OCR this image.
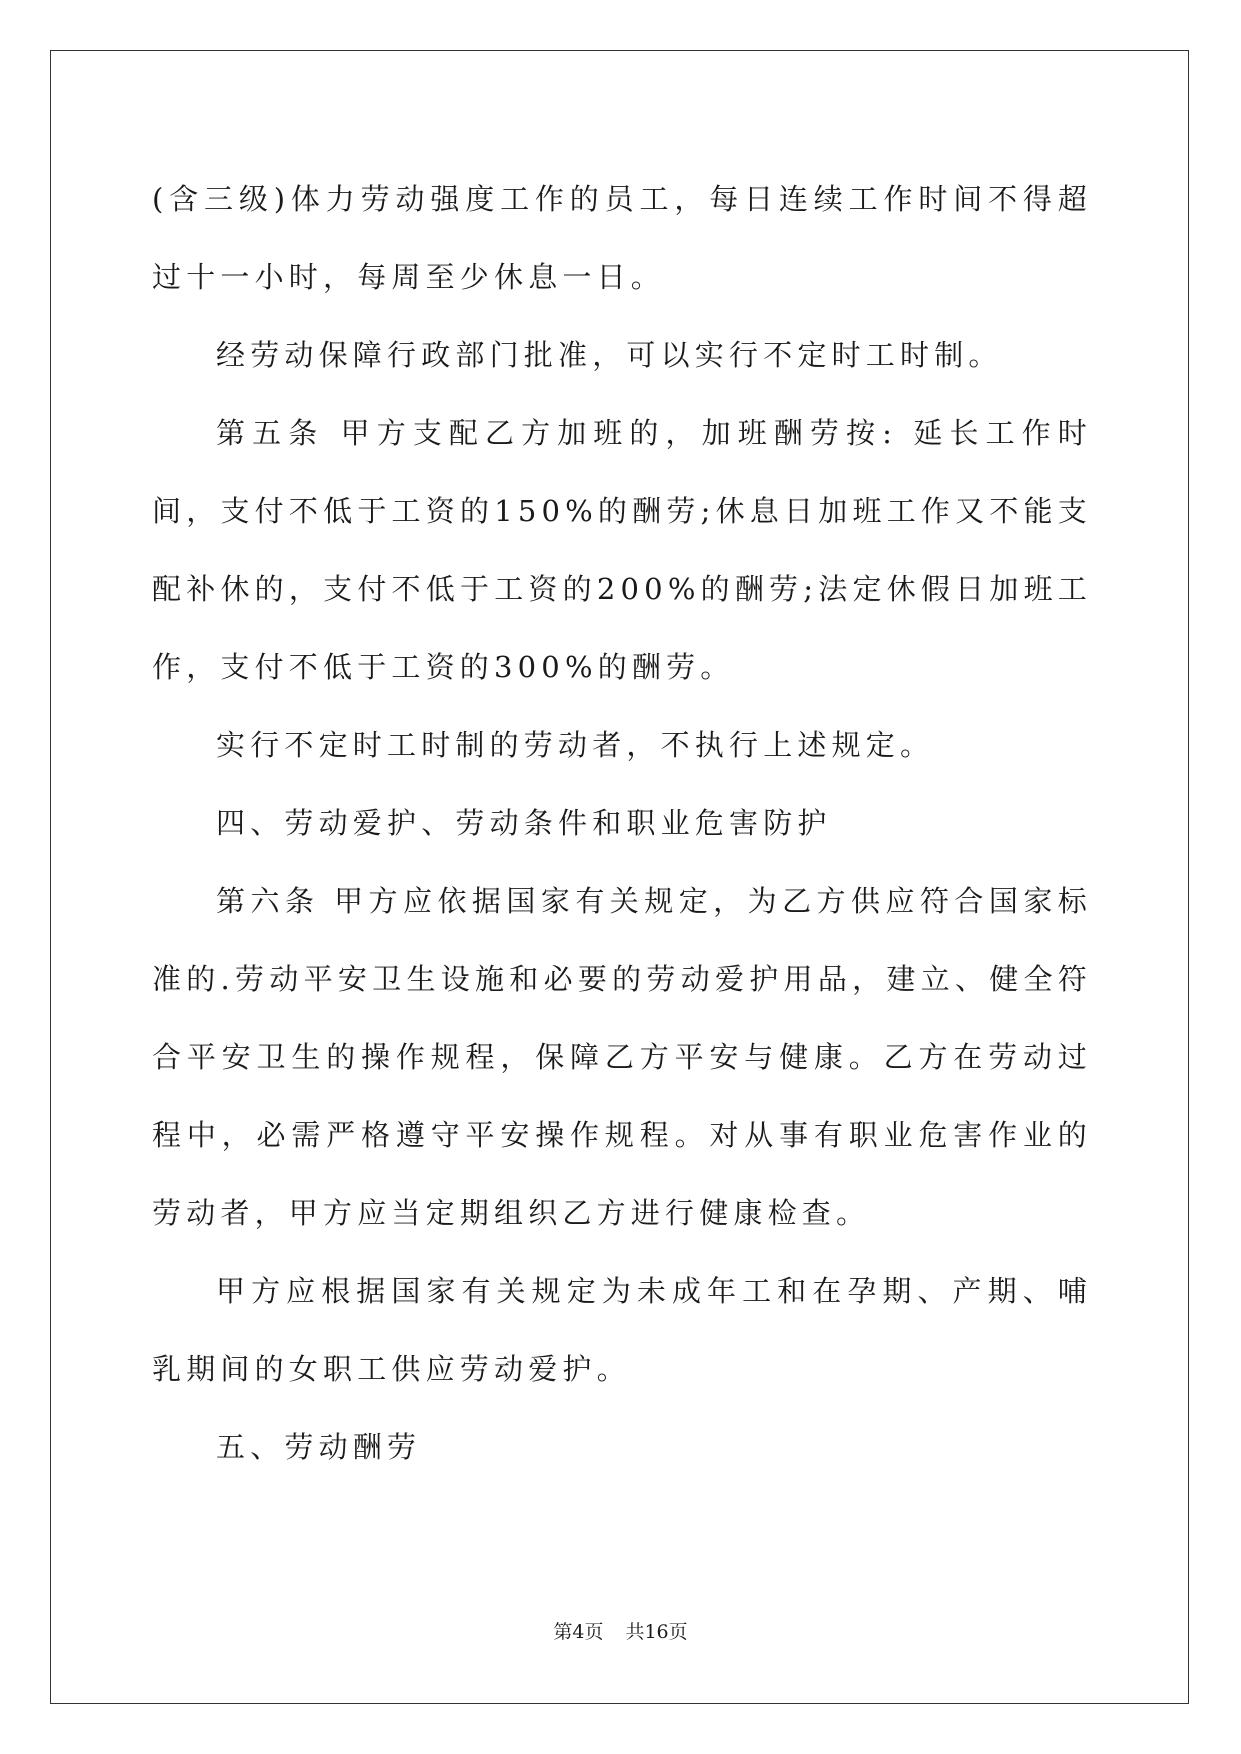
(含三级)体力劳动强度工作的员工，每日连续工作时间不得超过十一小时，每周至少休息一日。

经劳动保障行政部门批准，可以实行不定时工时制。

第五条 甲方支配乙方加班的，加班酬劳按: 延长工作时间，支付不低于工资的150%的酬劳;休息日加班工作又不能支配补休的，支付不低于工资的200%的酬劳;法定休假日加班工作，支付不低于工资的300%的酬劳。

实行不定时工时制的劳动者，不执行上述规定。

四、劳动爱护、劳动条件和职业危害防护

第六条 甲方应依据国家有关规定，为乙方供应符合国家标准的.劳动平安卫生设施和必要的劳动爱护用品，建立、健全符合平安卫生的操作规程，保障乙方平安与健康。乙方在劳动过程中，必需严格遵守平安操作规程。对从事有职业危害作业的劳动者，甲方应当定期组织乙方进行健康检查。

甲方应根据国家有关规定为未成年工和在孕期、产期、哺乳期间的女职工供应劳动爱护。

五、劳动酬劳

第4页 共16页
